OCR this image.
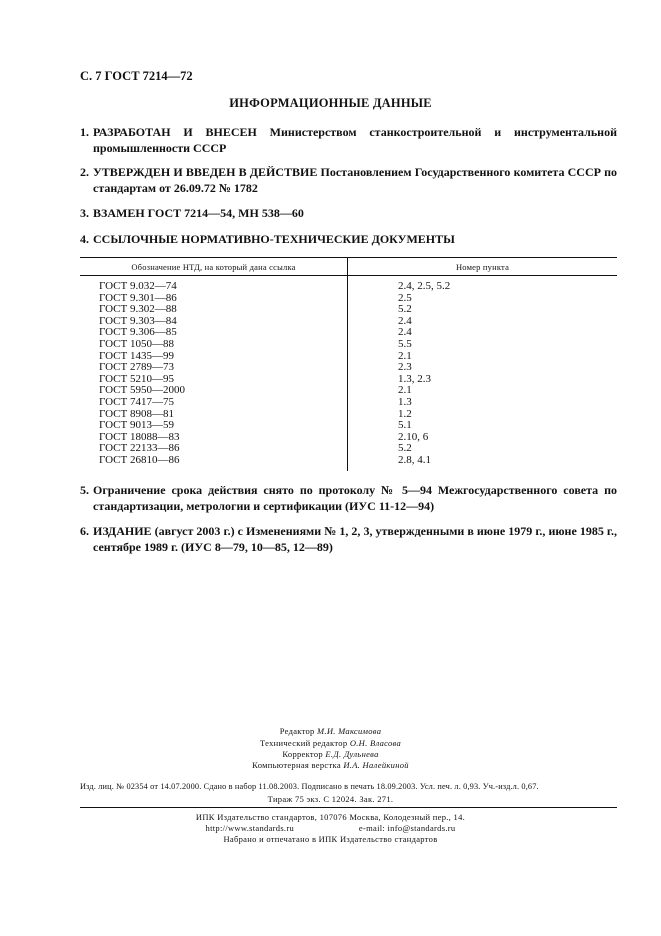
С. 7 ГОСТ 7214—72
ИНФОРМАЦИОННЫЕ ДАННЫЕ
1. РАЗРАБОТАН И ВНЕСЕН Министерством станкостроительной и инструментальной промышленности СССР
2. УТВЕРЖДЕН И ВВЕДЕН В ДЕЙСТВИЕ Постановлением Государственного комитета СССР по стандартам от 26.09.72 № 1782
3. ВЗАМЕН ГОСТ 7214—54, МН 538—60
4. ССЫЛОЧНЫЕ НОРМАТИВНО-ТЕХНИЧЕСКИЕ ДОКУМЕНТЫ
Обозначение НТД, на который дана ссылка	Номер пункта
ГОСТ 9.032—74	2.4, 2.5, 5.2
ГОСТ 9.301—86	2.5
ГОСТ 9.302—88	5.2
ГОСТ 9.303—84	2.4
ГОСТ 9.306—85	2.4
ГОСТ 1050—88	5.5
ГОСТ 1435—99	2.1
ГОСТ 2789—73	2.3
ГОСТ 5210—95	1.3, 2.3
ГОСТ 5950—2000	2.1
ГОСТ 7417—75	1.3
ГОСТ 8908—81	1.2
ГОСТ 9013—59	5.1
ГОСТ 18088—83	2.10, 6
ГОСТ 22133—86	5.2
ГОСТ 26810—86	2.8, 4.1
5. Ограничение срока действия снято по протоколу № 5—94 Межгосударственного совета по стандартизации, метрологии и сертификации (ИУС 11-12—94)
6. ИЗДАНИЕ (август 2003 г.) с Изменениями № 1, 2, 3, утвержденными в июне 1979 г., июне 1985 г., сентябре 1989 г. (ИУС 8—79, 10—85, 12—89)
Редактор М.И. Максимова
Технический редактор О.Н. Власова
Корректор Е.Д. Дульнева
Компьютерная верстка И.А. Налейкиной
Изд. лиц. № 02354 от 14.07.2000. Сдано в набор 11.08.2003. Подписано в печать 18.09.2003. Усл. печ. л. 0,93. Уч.-изд.л. 0,67.
Тираж 75 экз. С 12024. Зак. 271.
ИПК Издательство стандартов, 107076 Москва, Колодезный пер., 14.
http://www.standards.ru	e-mail: info@standards.ru
Набрано и отпечатано в ИПК Издательство стандартов
